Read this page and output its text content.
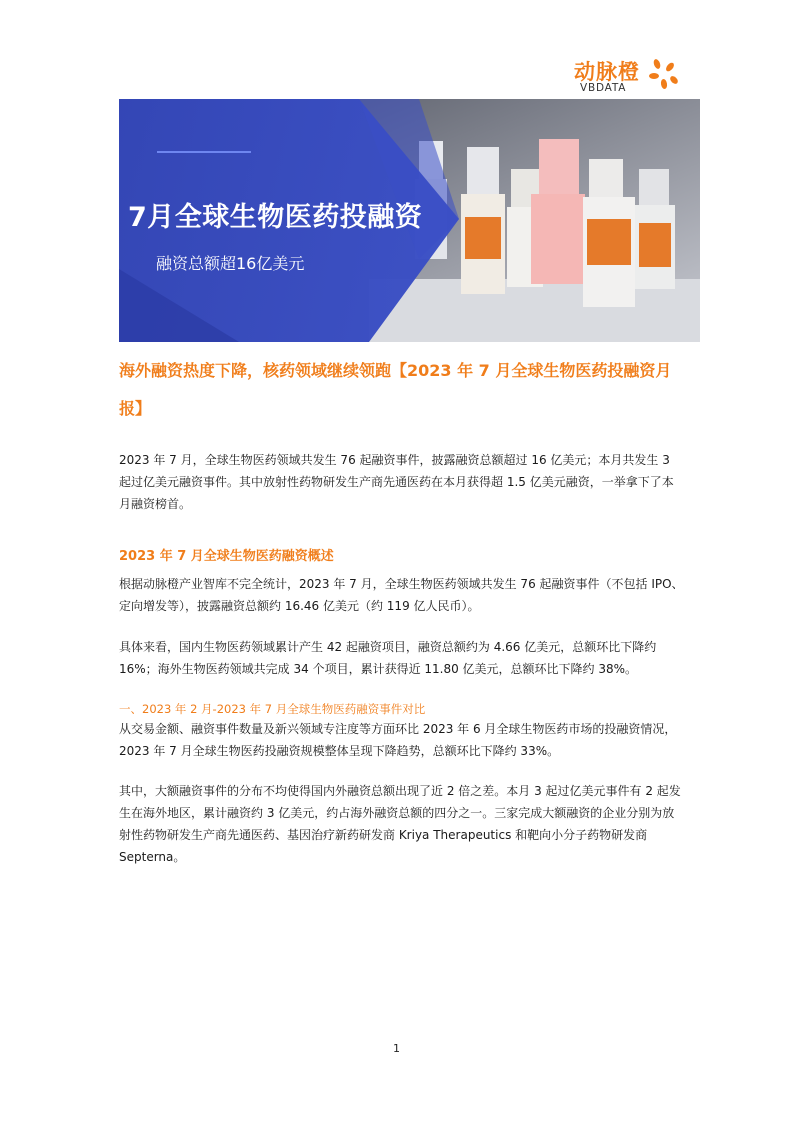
动脉橙
VBDATA
7月全球生物医药投融资
融资总额超16亿美元
海外融资热度下降，核药领域继续领跑【2023 年 7 月全球生物医药投融资月报】
2023 年 7 月，全球生物医药领域共发生 76 起融资事件，披露融资总额超过 16 亿美元；本月共发生 3 起过亿美元融资事件。其中放射性药物研发生产商先通医药在本月获得超 1.5 亿美元融资，一举拿下了本月融资榜首。
2023 年 7 月全球生物医药融资概述
根据动脉橙产业智库不完全统计，2023 年 7 月，全球生物医药领域共发生 76 起融资事件（不包括 IPO、定向增发等），披露融资总额约 16.46 亿美元（约 119 亿人民币）。
具体来看，国内生物医药领域累计产生 42 起融资项目，融资总额约为 4.66 亿美元，总额环比下降约 16%；海外生物医药领域共完成 34 个项目，累计获得近 11.80 亿美元，总额环比下降约 38%。
一、2023 年 2 月-2023 年 7 月全球生物医药融资事件对比
从交易金额、融资事件数量及新兴领域专注度等方面环比 2023 年 6 月全球生物医药市场的投融资情况，2023 年 7 月全球生物医药投融资规模整体呈现下降趋势，总额环比下降约 33%。
其中，大额融资事件的分布不均使得国内外融资总额出现了近 2 倍之差。本月 3 起过亿美元事件有 2 起发生在海外地区，累计融资约 3 亿美元，约占海外融资总额的四分之一。三家完成大额融资的企业分别为放射性药物研发生产商先通医药、基因治疗新药研发商 Kriya Therapeutics 和靶向小分子药物研发商 Septerna。
1
